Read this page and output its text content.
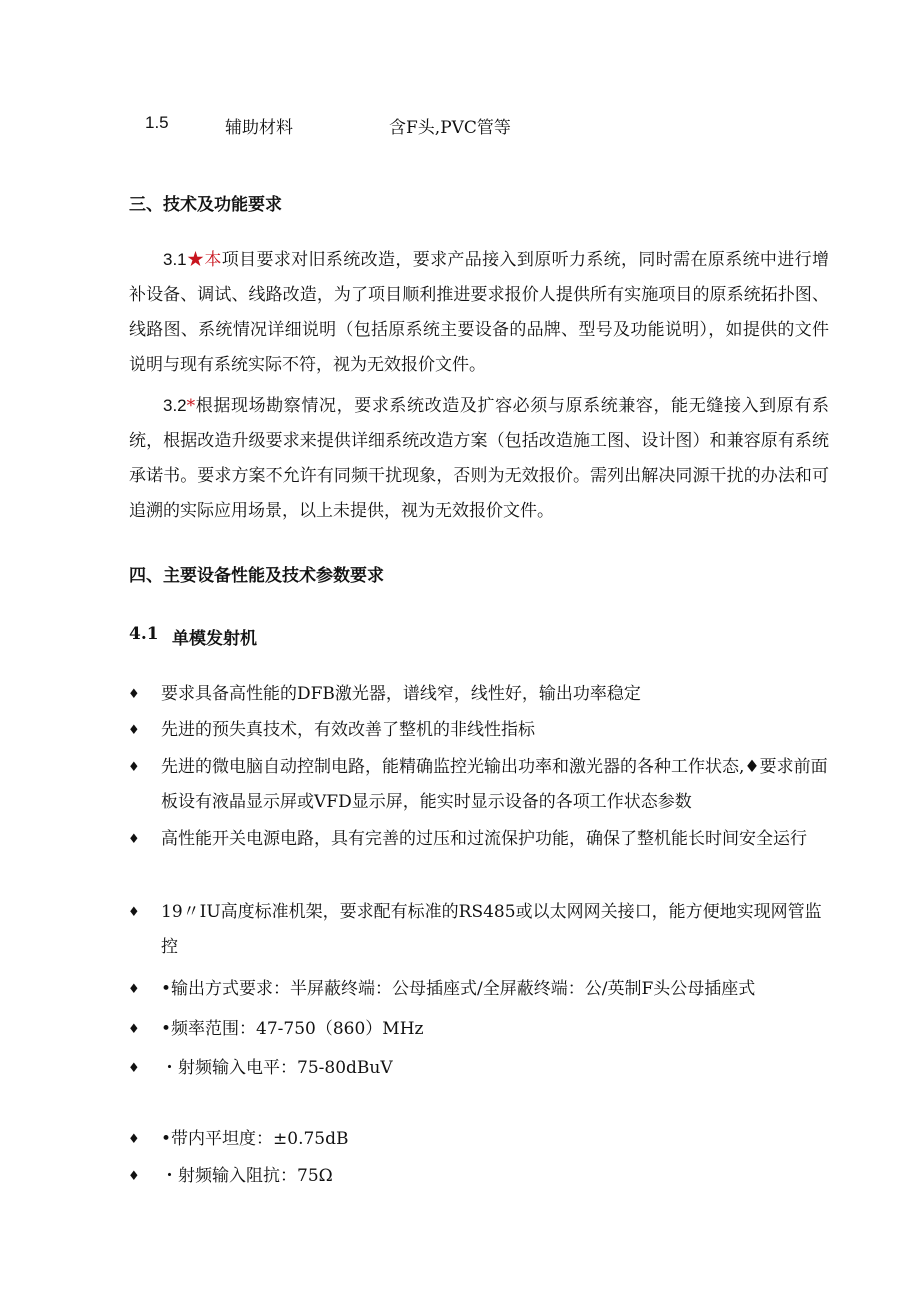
1.5	辅助材料	含F头,PVC管等
三、技术及功能要求
3.1★本项目要求对旧系统改造，要求产品接入到原听力系统，同时需在原系统中进行增补设备、调试、线路改造，为了项目顺利推进要求报价人提供所有实施项目的原系统拓扑图、线路图、系统情况详细说明（包括原系统主要设备的品牌、型号及功能说明），如提供的文件说明与现有系统实际不符，视为无效报价文件。
3.2*根据现场勘察情况，要求系统改造及扩容必须与原系统兼容，能无缝接入到原有系统，根据改造升级要求来提供详细系统改造方案（包括改造施工图、设计图）和兼容原有系统承诺书。要求方案不允许有同频干扰现象，否则为无效报价。需列出解决同源干扰的办法和可追溯的实际应用场景，以上未提供，视为无效报价文件。
四、主要设备性能及技术参数要求
4.1 单模发射机
♦ 要求具备高性能的DFB激光器，谱线窄，线性好，输出功率稳定
♦ 先进的预失真技术，有效改善了整机的非线性指标
♦ 先进的微电脑自动控制电路，能精确监控光输出功率和激光器的各种工作状态,♦要求前面板设有液晶显示屏或VFD显示屏，能实时显示设备的各项工作状态参数
♦ 高性能开关电源电路，具有完善的过压和过流保护功能，确保了整机能长时间安全运行
♦ 19〃IU高度标准机架，要求配有标准的RS485或以太网网关接口，能方便地实现网管监控
♦ •输出方式要求：半屏蔽终端：公母插座式/全屏蔽终端：公/英制F头公母插座式
♦ •频率范围：47-750（860）MHz
♦ ・射频输入电平：75-80dBuV
♦ •带内平坦度：±0.75dB
♦ ・射频输入阻抗：75Ω
